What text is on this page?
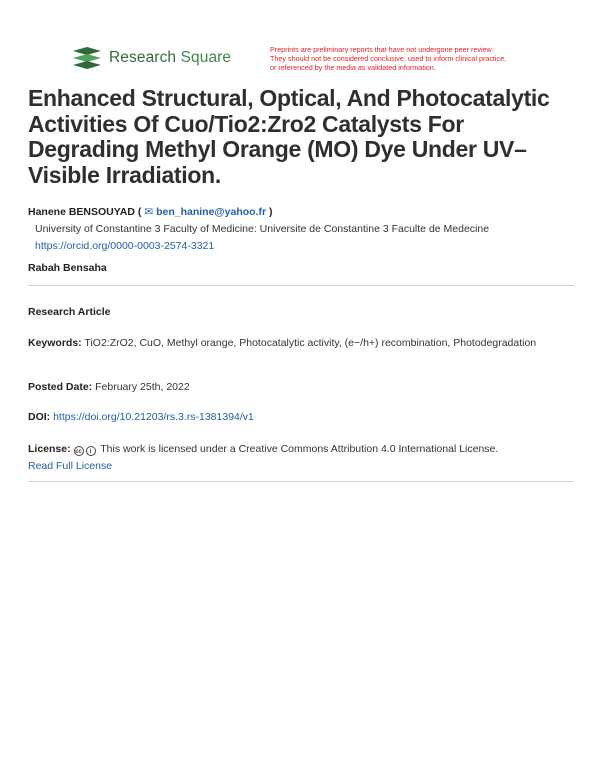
Research Square	Preprints are preliminary reports that have not undergone peer review.
They should not be considered conclusive, used to inform clinical practice,
or referenced by the media as validated information.
Enhanced Structural, Optical, And Photocatalytic Activities Of Cuo/Tio2:Zro2 Catalysts For Degrading Methyl Orange (MO) Dye Under UV–Visible Irradiation.
Hanene BENSOUYAD ( ✉ ben_hanine@yahoo.fr )
University of Constantine 3 Faculty of Medicine: Universite de Constantine 3 Faculte de Medecine
https://orcid.org/0000-0003-2574-3321
Rabah Bensaha
Research Article
Keywords: TiO2:ZrO2, CuO, Methyl orange, Photocatalytic activity, (e−/h+) recombination, Photodegradation
Posted Date: February 25th, 2022
DOI: https://doi.org/10.21203/rs.3.rs-1381394/v1
License: cc i This work is licensed under a Creative Commons Attribution 4.0 International License.
Read Full License
